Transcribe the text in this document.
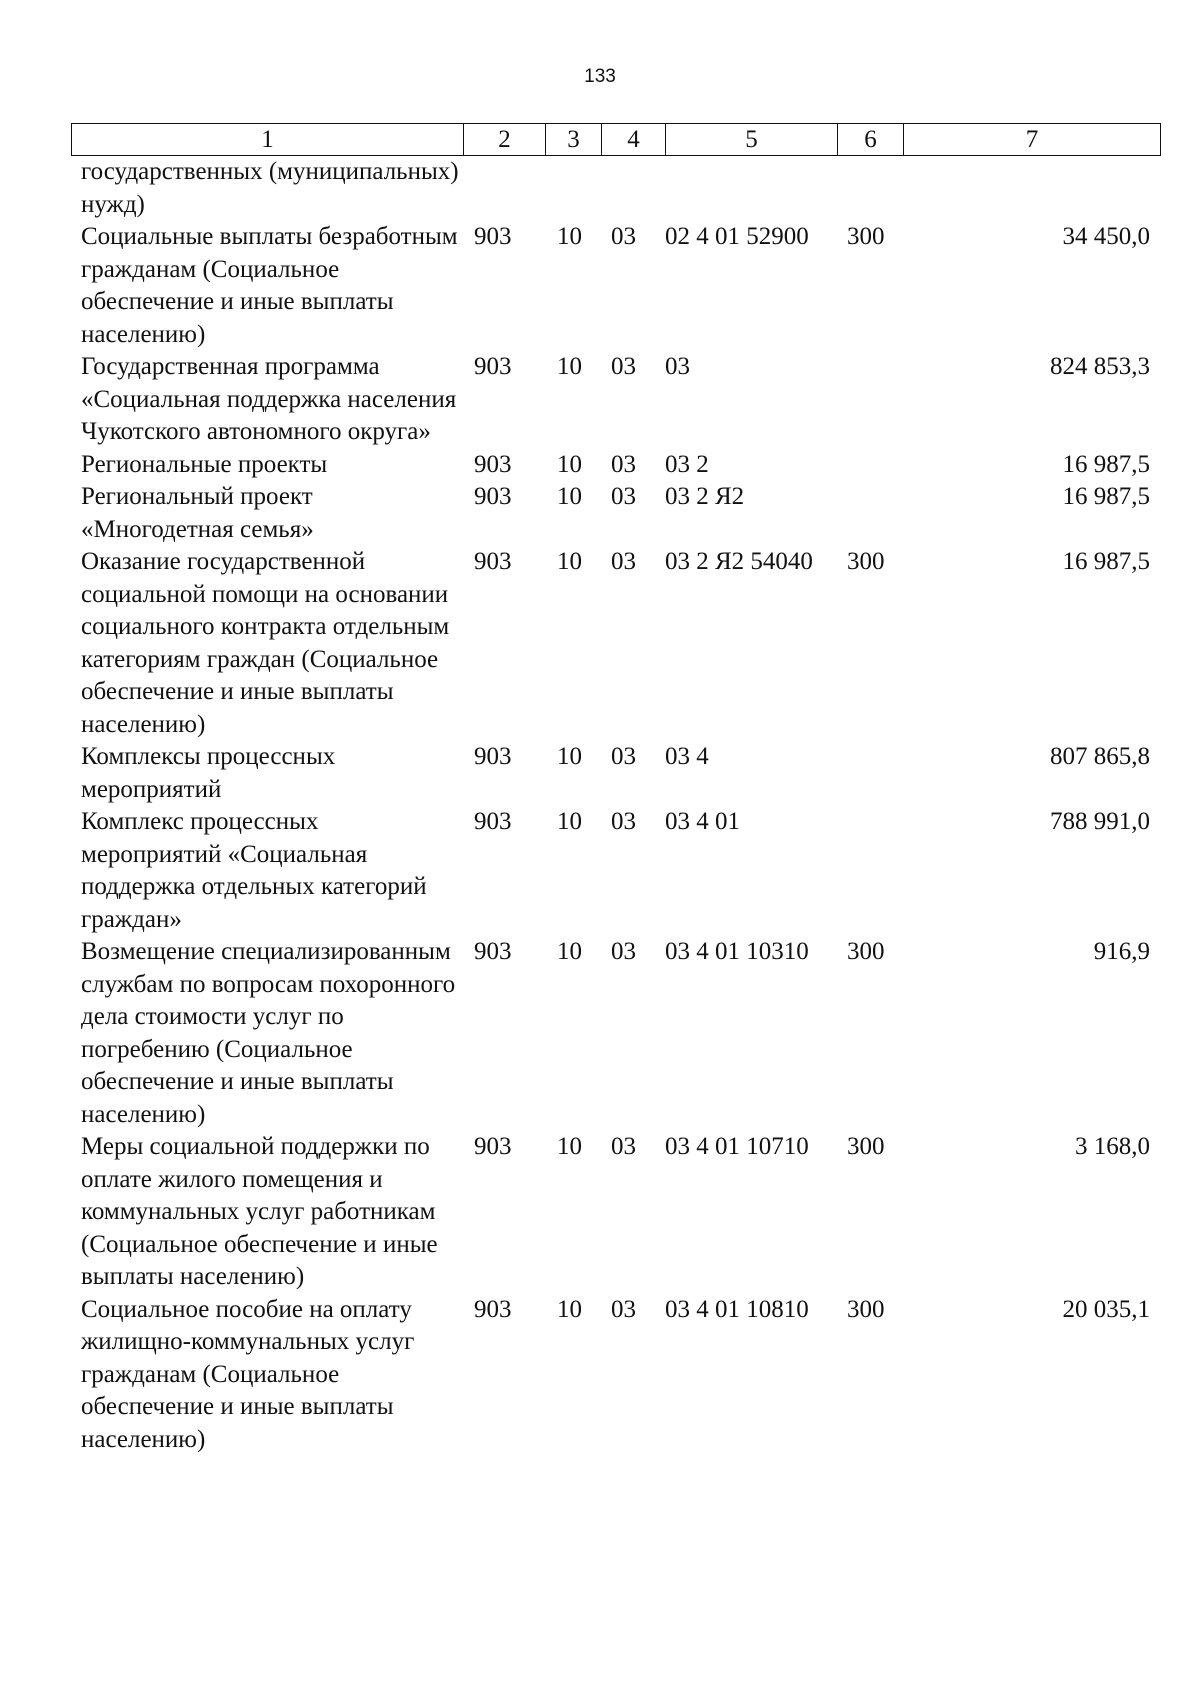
133
1	2	3	4	5	6	7
государственных (муниципальных) нужд)						
Социальные выплаты безработным гражданам (Социальное обеспечение и иные выплаты населению)	903	10	03	02 4 01 52900	300	34 450,0
Государственная программа «Социальная поддержка населения Чукотского автономного округа»	903	10	03	03		824 853,3
Региональные проекты	903	10	03	03 2		16 987,5
Региональный проект «Многодетная семья»	903	10	03	03 2 Я2		16 987,5
Оказание государственной социальной помощи на основании социального контракта отдельным категориям граждан (Социальное обеспечение и иные выплаты населению)	903	10	03	03 2 Я2 54040	300	16 987,5
Комплексы процессных мероприятий	903	10	03	03 4		807 865,8
Комплекс процессных мероприятий «Социальная поддержка отдельных категорий граждан»	903	10	03	03 4 01		788 991,0
Возмещение специализированным службам по вопросам похоронного дела стоимости услуг по погребению (Социальное обеспечение и иные выплаты населению)	903	10	03	03 4 01 10310	300	916,9
Меры социальной поддержки по оплате жилого помещения и коммунальных услуг работникам (Социальное обеспечение и иные выплаты населению)	903	10	03	03 4 01 10710	300	3 168,0
Социальное пособие на оплату жилищно-коммунальных услуг гражданам (Социальное обеспечение и иные выплаты населению)	903	10	03	03 4 01 10810	300	20 035,1
